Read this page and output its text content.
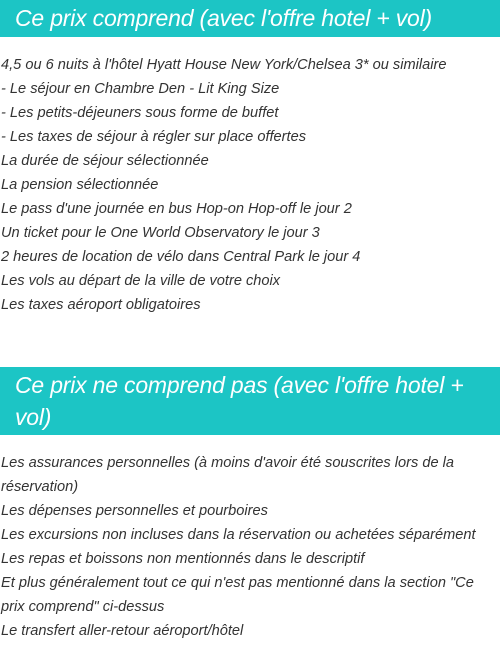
Ce prix comprend (avec l'offre hotel + vol)
4,5 ou 6 nuits à l'hôtel Hyatt House New York/Chelsea 3* ou similaire
- Le séjour en Chambre Den - Lit King Size
- Les petits-déjeuners sous forme de buffet
- Les taxes de séjour à régler sur place offertes
La durée de séjour sélectionnée
La pension sélectionnée
Le pass d'une journée en bus Hop-on Hop-off le jour 2
Un ticket pour le One World Observatory le jour 3
2 heures de location de vélo dans Central Park le jour 4
Les vols au départ de la ville de votre choix
Les taxes aéroport obligatoires
Ce prix ne comprend pas (avec l'offre hotel + vol)
Les assurances personnelles (à moins d'avoir été souscrites lors de la réservation)
Les dépenses personnelles et pourboires
Les excursions non incluses dans la réservation ou achetées séparément
Les repas et boissons non mentionnés dans le descriptif
Et plus généralement tout ce qui n'est pas mentionné dans la section "Ce prix comprend" ci-dessus
Le transfert aller-retour aéroport/hôtel
